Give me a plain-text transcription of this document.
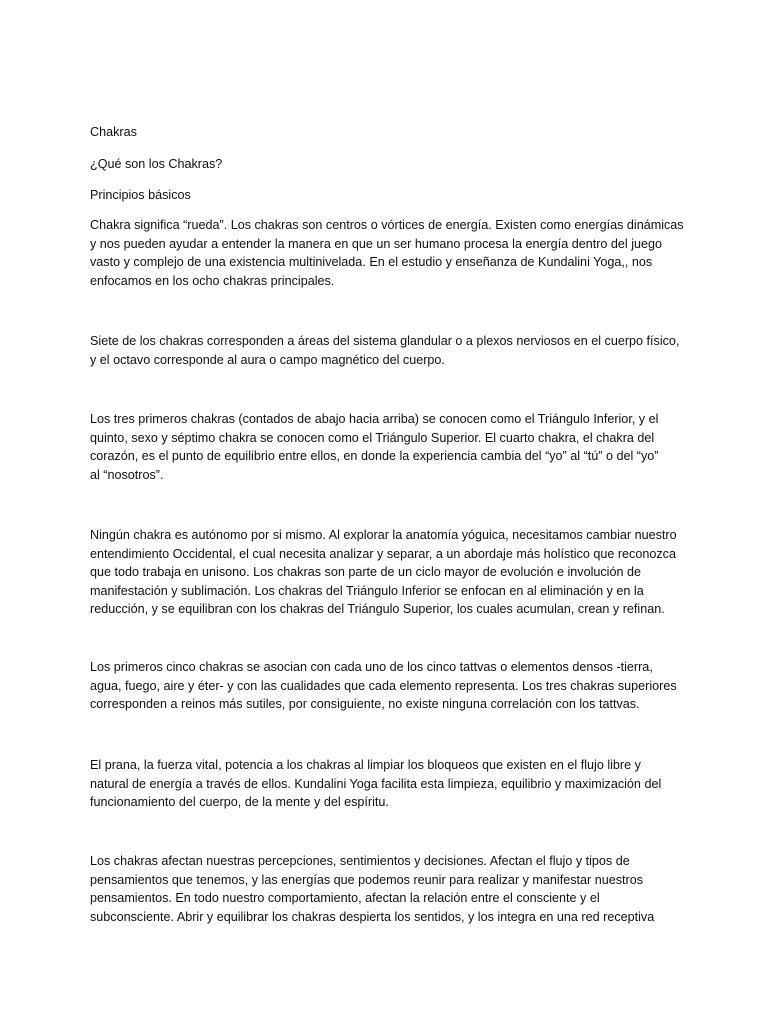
Chakras

¿Qué son los Chakras?

Principios básicos

Chakra significa “rueda”. Los chakras son centros o vórtices de energía. Existen como energías dinámicas
y nos pueden ayudar a entender la manera en que un ser humano procesa la energía dentro del juego
vasto y complejo de una existencia multinivelada. En el estudio y enseñanza de Kundalini Yoga,, nos
enfocamos en los ocho chakras principales.

Siete de los chakras corresponden a áreas del sistema glandular o a plexos nerviosos en el cuerpo físico,
y el octavo corresponde al aura o campo magnético del cuerpo.

Los tres primeros chakras (contados de abajo hacia arriba) se conocen como el Triángulo Inferior, y el
quinto, sexo y séptimo chakra se conocen como el Triángulo Superior. El cuarto chakra, el chakra del
corazón, es el punto de equilibrio entre ellos, en donde la experiencia cambia del “yo” al “tú” o del “yo”
al “nosotros”.

Ningún chakra es autónomo por si mismo. Al explorar la anatomía yóguica, necesitamos cambiar nuestro
entendimiento Occidental, el cual necesita analizar y separar, a un abordaje más holístico que reconozca
que todo trabaja en unisono. Los chakras son parte de un ciclo mayor de evolución e involución de
manifestación y sublimación. Los chakras del Triángulo Inferior se enfocan en al eliminación y en la
reducción, y se equilibran con los chakras del Triángulo Superior, los cuales acumulan, crean y refinan.

Los primeros cinco chakras se asocian con cada uno de los cinco tattvas o elementos densos -tierra,
agua, fuego, aire y éter- y con las cualidades que cada elemento representa. Los tres chakras superiores
corresponden a reinos más sutiles, por consiguiente, no existe ninguna correlación con los tattvas.

El prana, la fuerza vital, potencia a los chakras al limpiar los bloqueos que existen en el flujo libre y
natural de energía a través de ellos. Kundalini Yoga facilita esta limpieza, equilibrio y maximización del
funcionamiento del cuerpo, de la mente y del espíritu.

Los chakras afectan nuestras percepciones, sentimientos y decisiones. Afectan el flujo y tipos de
pensamientos que tenemos, y las energías que podemos reunir para realizar y manifestar nuestros
pensamientos. En todo nuestro comportamiento, afectan la relación entre el consciente y el
subconsciente. Abrir y equilibrar los chakras despierta los sentidos, y los integra en una red receptiva
